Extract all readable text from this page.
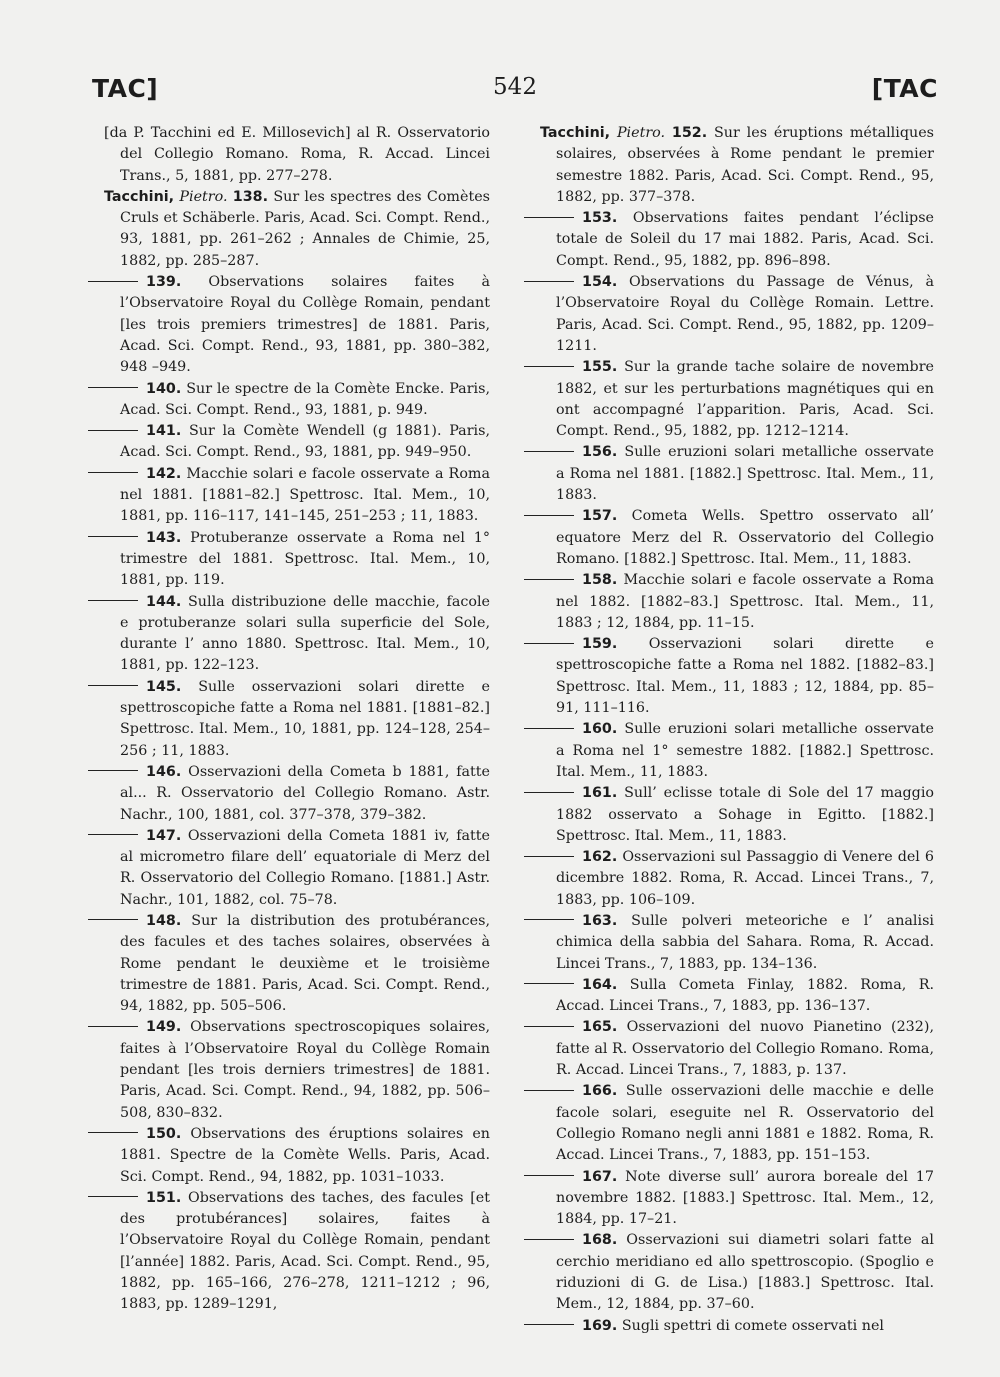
TAC]	542	[TAC

[da P. Tacchini ed E. Millosevich] al R. Osservatorio del Collegio Romano. Roma, R. Accad. Lincei Trans., 5, 1881, pp. 277–278.

Tacchini, Pietro. 138. Sur les spectres des Comètes Cruls et Schäberle. Paris, Acad. Sci. Compt. Rend., 93, 1881, pp. 261–262 ; Annales de Chimie, 25, 1882, pp. 285–287.

139. Observations solaires faites à l’Observatoire Royal du Collège Romain, pendant [les trois premiers trimestres] de 1881. Paris, Acad. Sci. Compt. Rend., 93, 1881, pp. 380–382, 948 –949.

140. Sur le spectre de la Comète Encke. Paris, Acad. Sci. Compt. Rend., 93, 1881, p. 949.

141. Sur la Comète Wendell (g 1881). Paris, Acad. Sci. Compt. Rend., 93, 1881, pp. 949–950.

142. Macchie solari e facole osservate a Roma nel 1881. [1881–82.] Spettrosc. Ital. Mem., 10, 1881, pp. 116–117, 141–145, 251–253 ; 11, 1883.

143. Protuberanze osservate a Roma nel 1° trimestre del 1881. Spettrosc. Ital. Mem., 10, 1881, pp. 119.

144. Sulla distribuzione delle macchie, facole e protuberanze solari sulla superficie del Sole, durante l’ anno 1880. Spettrosc. Ital. Mem., 10, 1881, pp. 122–123.

145. Sulle osservazioni solari dirette e spettroscopiche fatte a Roma nel 1881. [1881–82.] Spettrosc. Ital. Mem., 10, 1881, pp. 124–128, 254–256 ; 11, 1883.

146. Osservazioni della Cometa b 1881, fatte al... R. Osservatorio del Collegio Romano. Astr. Nachr., 100, 1881, col. 377–378, 379–382.

147. Osservazioni della Cometa 1881 iv, fatte al micrometro filare dell’ equatoriale di Merz del R. Osservatorio del Collegio Romano. [1881.] Astr. Nachr., 101, 1882, col. 75–78.

148. Sur la distribution des protubérances, des facules et des taches solaires, observées à Rome pendant le deuxième et le troisième trimestre de 1881. Paris, Acad. Sci. Compt. Rend., 94, 1882, pp. 505–506.

149. Observations spectroscopiques solaires, faites à l’Observatoire Royal du Collège Romain pendant [les trois derniers trimestres] de 1881. Paris, Acad. Sci. Compt. Rend., 94, 1882, pp. 506–508, 830–832.

150. Observations des éruptions solaires en 1881. Spectre de la Comète Wells. Paris, Acad. Sci. Compt. Rend., 94, 1882, pp. 1031–1033.

151. Observations des taches, des facules [et des protubérances] solaires, faites à l’Observatoire Royal du Collège Romain, pendant [l’année] 1882. Paris, Acad. Sci. Compt. Rend., 95, 1882, pp. 165–166, 276–278, 1211–1212 ; 96, 1883, pp. 1289–1291,

Tacchini, Pietro. 152. Sur les éruptions métalliques solaires, observées à Rome pendant le premier semestre 1882. Paris, Acad. Sci. Compt. Rend., 95, 1882, pp. 377–378.

153. Observations faites pendant l’éclipse totale de Soleil du 17 mai 1882. Paris, Acad. Sci. Compt. Rend., 95, 1882, pp. 896–898.

154. Observations du Passage de Vénus, à l’Observatoire Royal du Collège Romain. Lettre. Paris, Acad. Sci. Compt. Rend., 95, 1882, pp. 1209–1211.

155. Sur la grande tache solaire de novembre 1882, et sur les perturbations magnétiques qui en ont accompagné l’apparition. Paris, Acad. Sci. Compt. Rend., 95, 1882, pp. 1212–1214.

156. Sulle eruzioni solari metalliche osservate a Roma nel 1881. [1882.] Spettrosc. Ital. Mem., 11, 1883.

157. Cometa Wells. Spettro osservato all’ equatore Merz del R. Osservatorio del Collegio Romano. [1882.] Spettrosc. Ital. Mem., 11, 1883.

158. Macchie solari e facole osservate a Roma nel 1882. [1882–83.] Spettrosc. Ital. Mem., 11, 1883 ; 12, 1884, pp. 11–15.

159. Osservazioni solari dirette e spettroscopiche fatte a Roma nel 1882. [1882–83.] Spettrosc. Ital. Mem., 11, 1883 ; 12, 1884, pp. 85–91, 111–116.

160. Sulle eruzioni solari metalliche osservate a Roma nel 1° semestre 1882. [1882.] Spettrosc. Ital. Mem., 11, 1883.

161. Sull’ eclisse totale di Sole del 17 maggio 1882 osservato a Sohage in Egitto. [1882.] Spettrosc. Ital. Mem., 11, 1883.

162. Osservazioni sul Passaggio di Venere del 6 dicembre 1882. Roma, R. Accad. Lincei Trans., 7, 1883, pp. 106–109.

163. Sulle polveri meteoriche e l’ analisi chimica della sabbia del Sahara. Roma, R. Accad. Lincei Trans., 7, 1883, pp. 134–136.

164. Sulla Cometa Finlay, 1882. Roma, R. Accad. Lincei Trans., 7, 1883, pp. 136–137.

165. Osservazioni del nuovo Pianetino (232), fatte al R. Osservatorio del Collegio Romano. Roma, R. Accad. Lincei Trans., 7, 1883, p. 137.

166. Sulle osservazioni delle macchie e delle facole solari, eseguite nel R. Osservatorio del Collegio Romano negli anni 1881 e 1882. Roma, R. Accad. Lincei Trans., 7, 1883, pp. 151–153.

167. Note diverse sull’ aurora boreale del 17 novembre 1882. [1883.] Spettrosc. Ital. Mem., 12, 1884, pp. 17–21.

168. Osservazioni sui diametri solari fatte al cerchio meridiano ed allo spettroscopio. (Spoglio e riduzioni di G. de Lisa.) [1883.] Spettrosc. Ital. Mem., 12, 1884, pp. 37–60.

169. Sugli spettri di comete osservati nel
